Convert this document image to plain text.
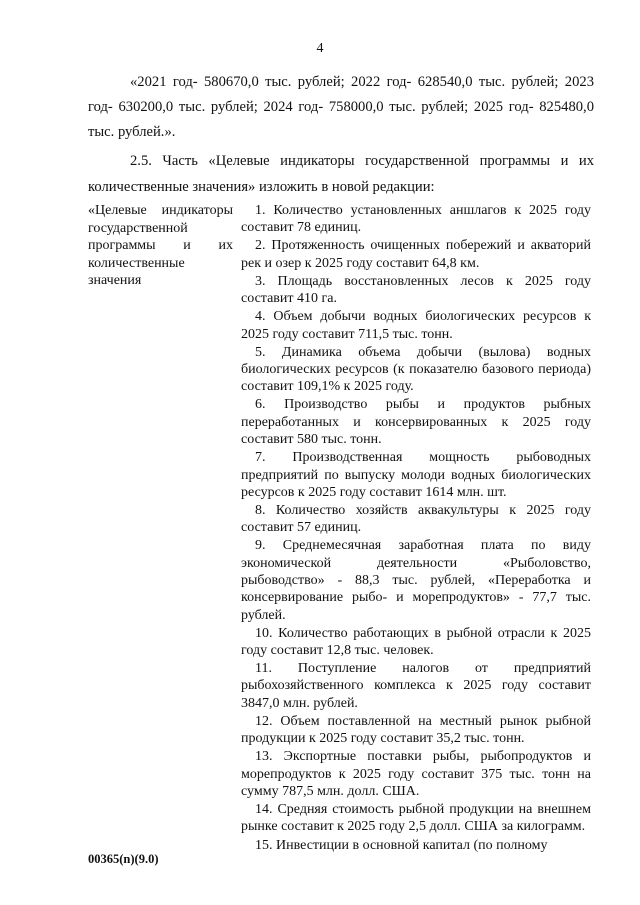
4

«2021 год- 580670,0 тыс. рублей; 2022 год- 628540,0 тыс. рублей; 2023 год- 630200,0 тыс. рублей; 2024 год- 758000,0 тыс. рублей; 2025 год- 825480,0 тыс. рублей.».

2.5. Часть «Целевые индикаторы государственной программы и их количественные значения» изложить в новой редакции:

«Целевые индикаторы государственной программы и их количественные значения

1. Количество установленных аншлагов к 2025 году составит 78 единиц.
2. Протяженность очищенных побережий и акваторий рек и озер к 2025 году составит 64,8 км.
3. Площадь восстановленных лесов к 2025 году составит 410 га.
4. Объем добычи водных биологических ресурсов к 2025 году составит 711,5 тыс. тонн.
5. Динамика объема добычи (вылова) водных биологических ресурсов (к показателю базового периода) составит 109,1% к 2025 году.
6. Производство рыбы и продуктов рыбных переработанных и консервированных к 2025 году составит 580 тыс. тонн.
7. Производственная мощность рыбоводных предприятий по выпуску молоди водных биологических ресурсов к 2025 году составит 1614 млн. шт.
8. Количество хозяйств аквакультуры к 2025 году составит 57 единиц.
9. Среднемесячная заработная плата по виду экономической деятельности «Рыболовство, рыбоводство» - 88,3 тыс. рублей, «Переработка и консервирование рыбо- и морепродуктов» - 77,7 тыс. рублей.
10. Количество работающих в рыбной отрасли к 2025 году составит 12,8 тыс. человек.
11. Поступление налогов от предприятий рыбохозяйственного комплекса к 2025 году составит 3847,0 млн. рублей.
12. Объем поставленной на местный рынок рыбной продукции к 2025 году составит 35,2 тыс. тонн.
13. Экспортные поставки рыбы, рыбопродуктов и морепродуктов к 2025 году составит 375 тыс. тонн на сумму 787,5 млн. долл. США.
14. Средняя стоимость рыбной продукции на внешнем рынке составит к 2025 году 2,5 долл. США за килограмм.
15. Инвестиции в основной капитал (по полному
00365(n)(9.0)
